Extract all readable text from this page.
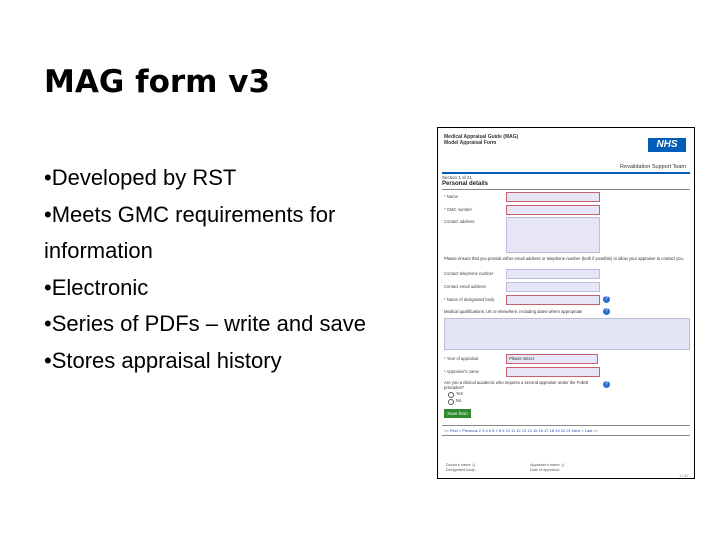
MAG form v3
•Developed by RST
•Meets GMC requirements for information
•Electronic
•Series of PDFs – write and save
•Stores appraisal history
Medical Appraisal Guide (MAG)
Model Appraisal Form	NHS
Revalidation Support Team
Section 1 of 21
Personal details
* Name
* GMC number
Contact address
Please ensure that you provide either email address or telephone number (both if possible) to allow your appraiser to contact you.
Contact telephone number
Contact email address
* Name of designated body	?
Medical qualifications, UK or elsewhere, including dates where appropriate	?
* Year of appraisal	Please select
* Appraiser's name
Are you a clinical academic who requires a second appraiser under the Follett principles?
?
Yes
No
Save form
<< First < Previous 2 3 4 5 6 7 8 9 10 11 12 13 14 15 16 17 18 19 20 21 Next > Last >>
Doctor's name: ()
Designated body:
Appraiser's name: ()
Date of appraisal:
1 / 21
